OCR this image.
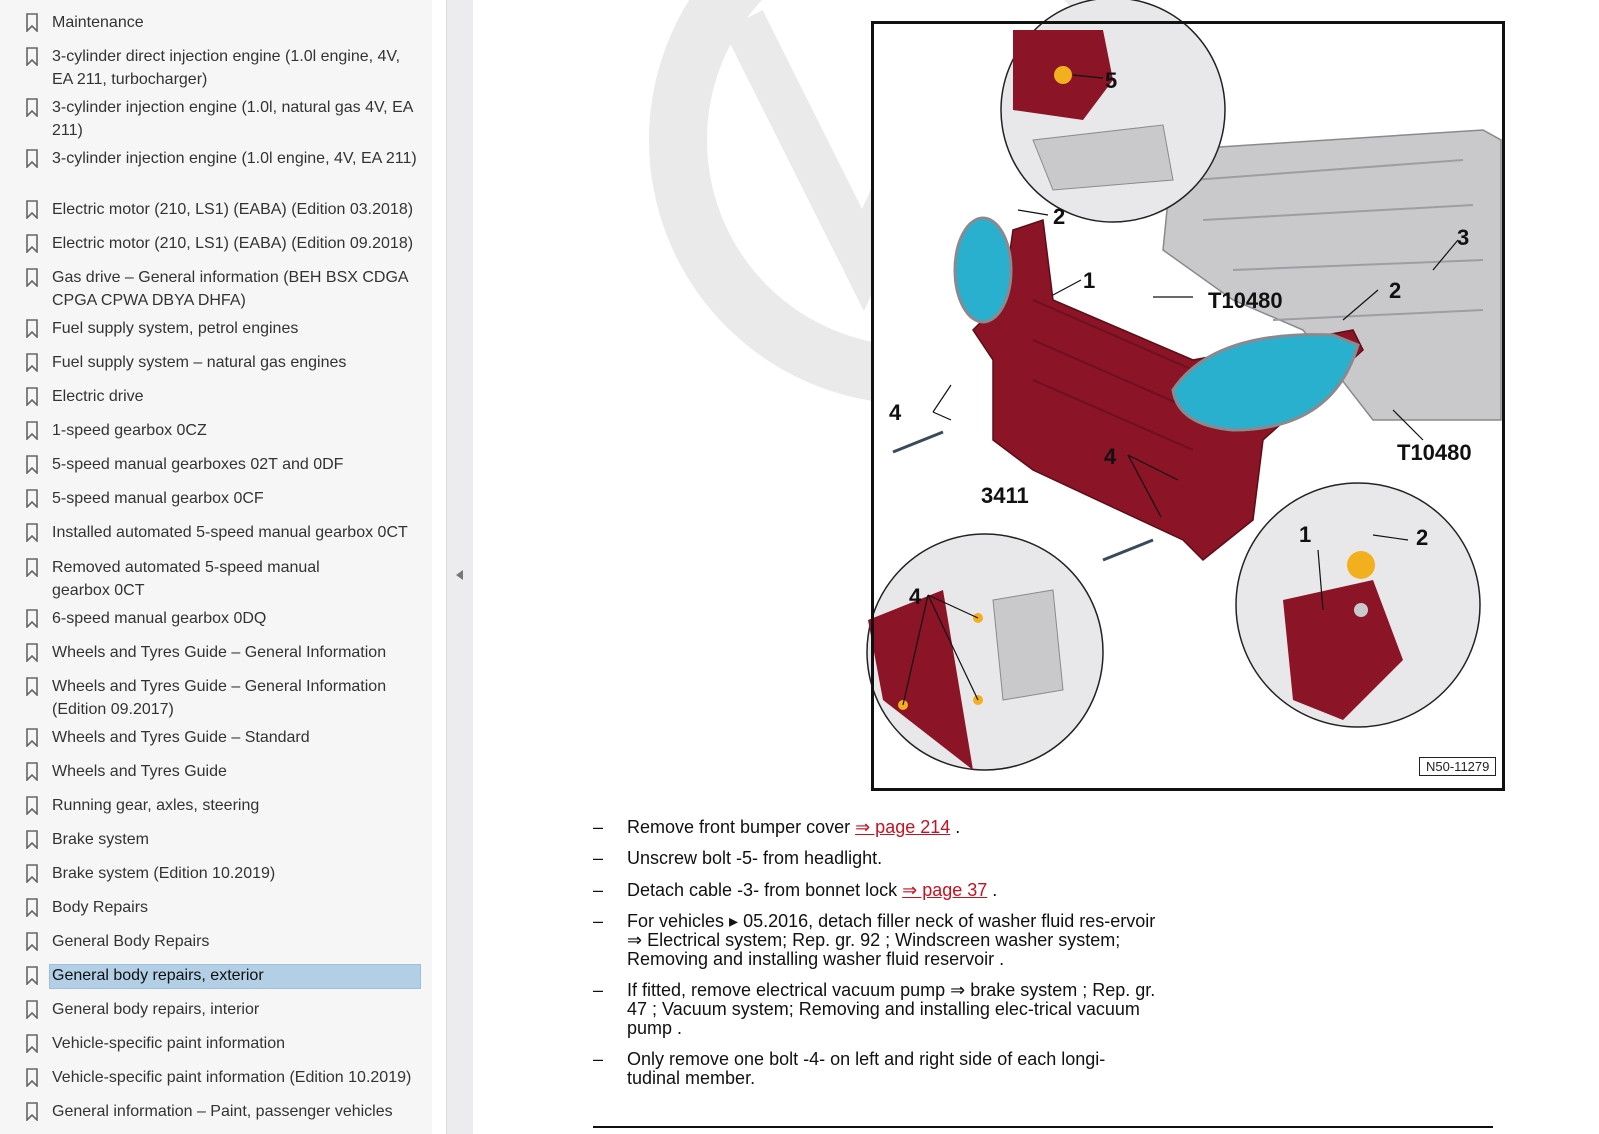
Maintenance
3-cylinder direct injection engine (1.0l engine, 4V, EA 211, turbocharger)
3-cylinder injection engine (1.0l, natural gas 4V, EA 211)
3-cylinder injection engine (1.0l engine, 4V, EA 211)
Electric motor (210, LS1) (EABA) (Edition 03.2018)
Electric motor (210, LS1) (EABA) (Edition 09.2018)
Gas drive – General information (BEH BSX CDGA CPGA CPWA DBYA DHFA)
Fuel supply system, petrol engines
Fuel supply system – natural gas engines
Electric drive
1-speed gearbox 0CZ
5-speed manual gearboxes 02T and 0DF
5-speed manual gearbox 0CF
Installed automated 5-speed manual gearbox 0CT
Removed automated 5-speed manual gearbox 0CT
6-speed manual gearbox 0DQ
Wheels and Tyres Guide – General Information
Wheels and Tyres Guide – General Information (Edition 09.2017)
Wheels and Tyres Guide – Standard
Wheels and Tyres Guide
Running gear, axles, steering
Brake system
Brake system (Edition 10.2019)
Body Repairs
General Body Repairs
General body repairs, exterior
General body repairs, interior
Vehicle-specific paint information
Vehicle-specific paint information (Edition 10.2019)
General information – Paint, passenger vehicles
5
2
1
3
2
T10480
4
T10480
4
3411
1	2
4
N50-11279
– Remove front bumper cover ⇒ page 214 .
– Unscrew bolt -5- from headlight.
– Detach cable -3- from bonnet lock ⇒ page 37 .
– For vehicles ▸ 05.2016, detach filler neck of washer fluid res-ervoir ⇒ Electrical system; Rep. gr. 92 ; Windscreen washer system; Removing and installing washer fluid reservoir .
– If fitted, remove electrical vacuum pump ⇒ brake system ; Rep. gr. 47 ; Vacuum system; Removing and installing elec-trical vacuum pump .
– Only remove one bolt -4- on left and right side of each longi-tudinal member.
